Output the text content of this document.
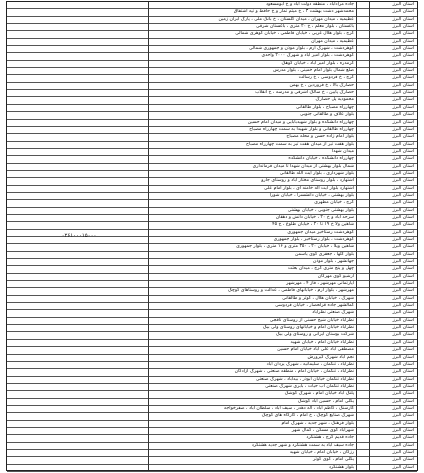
استان البرز
جاده مراداباد ، منطقه دولت آباد و خ ابومسعود
استان البرز
محمدشهر دشت بهشت ۳ ، خ میثم تمار و خ حافظ و تپه اشتفاق
استان البرز
عظیمیه ، میدان مهران ، میدان گلستان ، خ بانک ملی ، پارک آبران زمین
استان البرز
باغستان ، بلوار معلم ، خ ۲۰ متری ، باغستان شرقی
استان البرز
کرج ، بلوار هلال غربی ، خیابان فاطمی ، خیابان گوهری شمالی
استان البرز
عظیمیه ، میدان مهران
استان البرز
گوهردشت ، شهرک ارم ، بلوار موذن و جمهوری شمالی
استان البرز
گوهردشت ، بلوار امیر اباد و شهرک ۲۰۰۰ واحدی
استان البرز
گرمدره ، بلوار امیر آباد ، خیابان کوهک
استان البرز
ضلع شمال بلوار امام خمینی ، بلوار مدرس
استان البرز
کرج ، خ فردوسی ، خ رسالت
استان البرز
حصارک بالا ، خ فروردین ، خ بهمن
استان البرز
حصارک پایین ، خ سالک اشرفی و مدرسه ، خ انقلاب
استان البرز
محمودیه پل حصارک
استان البرز
چهارراه مصباح ، بلوار طالقانی
استان البرز
بلوار علاف و طالقانی جنوبی
استان البرز
چهارراه دانشکده و بلوار شهیدبابایی و میدان امام حسین
استان البرز
چهارراه طالقانی و بلوار شهیدا به سمت چهارراه مصباح
استان البرز
بلوار امام زاده حسن و محله مصباح
استان البرز
بلوار هفت تیر از میدان هفت تیر به سمت چهارراه مصباح
استان البرز
میدان شهدا
استان البرز
چهارراه دانشکده ، خیابان دانشکده
استان البرز
شمال بلوار بهشتی از میدان شهدا تا میدان فرمانداری
استان البرز
بلوار شهرداری ، بلوار آیت الله طالقانی
استان البرز
اشتهارد ، بلوار روستای مختار آباد و روستای جارو
استان البرز
اشتهارد بلوار آیت اله خامنه ای ، بلوار امام علی
استان البرز
بلوار بهشتی ، خیابان دانشسرا ، خیابان شورا
استان البرز
کرج ، خیابان مطهری
استان البرز
بلوار بهشتی جنوبی ، خیابان بهشتی
استان البرز
سرحد اباد و خ ۲۰ ، خیابان دانش و دهقان
استان البرز
شاهین ولا خ ۱۹ تا ۲۰ ، خیابان طلوع ، خ ۴۵
استان البرز
گوهردشت رستاخیز میدان جمهوری
استان البرز
گوهردشت ، بلوار رستاخیز ، بلوار جمهوری
استان البرز
شاهین ویلا ، خیابان ۲۰ ، ۳۵۰ متری و ۱۶ متری ، بلوار جمهوری
استان البرز
بلوار گلها ، جعفری کوی یاسمن
استان البرز
جهانشهر ، بلوار موذن
استان البرز
چهل و پنج متری کرج ، میدان بعثت
استان البرز
آرشیو کوی مهرگان
استان البرز
آپارتمانی مهرشهر ، فاز ۴ ، مهرشهر
استان البرز
مهرشهر ، بلوار ارم ، خیابانهای فاطمی ، عدالت و روستاهای کوچک
استان البرز
شهرک ، خیابان هلال ، کوثر و طالقانی
استان البرز
کمالشهر جاده قزلحصار ، خیابان فردوسی
استان البرز
شهرک صنعتی نظرآباد
استان البرز
نظرآباد خیابان شیخ حسنی از روستای ناقجی
استان البرز
نظرآباد خیابان امام و خیابانهای روستای ولی بیگ
استان البرز
شرکت بوستان ایرانی و روستای ولی بیگ
استان البرز
نظرآباد خیابان امام ، خیابان شهید
استان البرز
مصطفی آباد علی آباد خیابان امام حسین
استان البرز
نجم آباد شهرک گیرورش
استان البرز
نظرآباد ، تنکمان ، سلیمانیه ، شهرک یزدان آباد
استان البرز
نظرآباد ، تنکمان ، خیابان امام ، منطقه صنعتی ، شهرک آزادگان
استان البرز
نظرآباد تنکمان خیابان ابوذر ، بیدآباد ، شهرک صنعتی
استان البرز
نظرآباد تنکمان آب حیات ، بابری شهرک صنعتی
استان البرز
پلنگ آباد خیابان امام ، شهرک کوشک
استان البرز
یکلی امام ، حسین آباد کوشک
استان البرز
کارسنگ ، کاظم آباد ، اله دهدر ، سیف آباد ، سلطان آباد ، صفرخواجه
استان البرز
شهرک صنایع کوچک ، خ امام ، کارگاه های کوچک
استان البرز
بلوار فرهنگ ، شهر جدید ، شهرک امام
استان البرز
شهرآباد کوی مسکن ، کمال شهر
استان البرز
جاده قدیم کرج ، هشتگرد
استان البرز
جاده سیف آباد به سمت هشتگرد و شهر جدید هشتگرد
استان البرز
رزکان ، خیابان امام ، خیابان شهید
استان البرز
یکلی امام ، کوی کوثر
استان البرز
بلوار هشتگرد
۰۲۶۱۰۰۰۱۵۰۰۰
